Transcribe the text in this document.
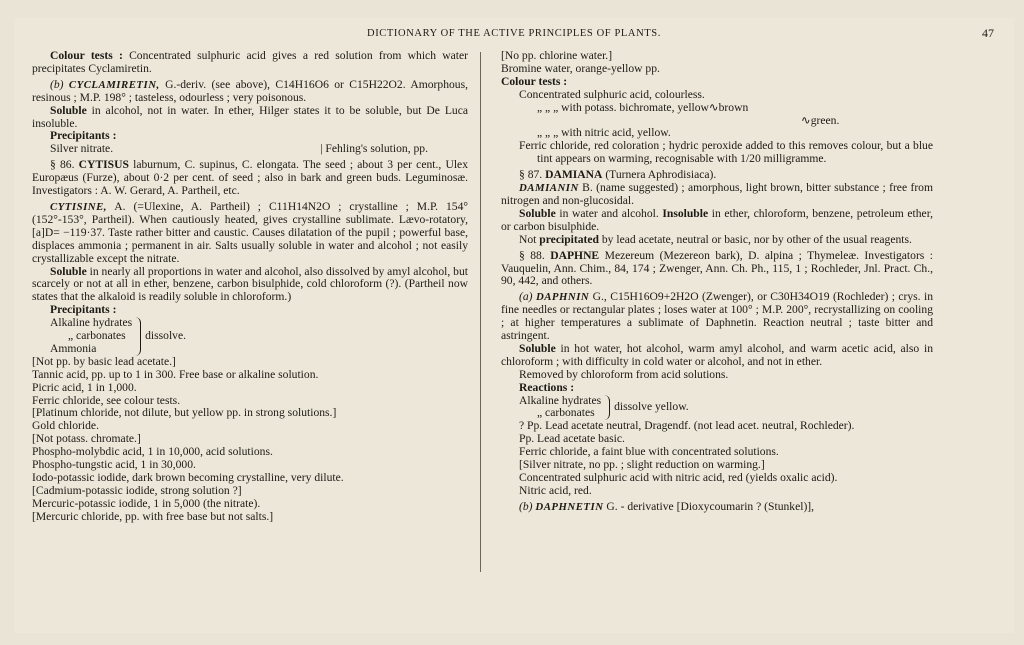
DICTIONARY OF THE ACTIVE PRINCIPLES OF PLANTS.	47

Colour tests : Concentrated sulphuric acid gives a red solution from which water precipitates Cyclamiretin.

(b) CYCLAMIRETIN, G.-deriv. (see above), C14H16O6 or C15H22O2. Amorphous, resinous ; M.P. 198° ; tasteless, odourless ; very poisonous.

Soluble in alcohol, not in water. In ether, Hilger states it to be soluble, but De Luca insoluble.

Precipitants :

Silver nitrate.	| Fehling's solution, pp.

§ 86. CYTISUS laburnum, C. supinus, C. elongata. The seed ; about 3 per cent., Ulex Europæus (Furze), about 0·2 per cent. of seed ; also in bark and green buds. Leguminosæ. Investigators : A. W. Gerard, A. Partheil, etc.

CYTISINE, A. (=Ulexine, A. Partheil) ; C11H14N2O ; crystalline ; M.P. 154° (152°-153°, Partheil). When cautiously heated, gives crystalline sublimate. Lævo-rotatory, [a]D= −119·37. Taste rather bitter and caustic. Causes dilatation of the pupil ; powerful base, displaces ammonia ; permanent in air. Salts usually soluble in water and alcohol ; not easily crystallizable except the nitrate.

Soluble in nearly all proportions in water and alcohol, also dissolved by amyl alcohol, but scarcely or not at all in ether, benzene, carbon bisulphide, cold chloroform (?). (Partheil now states that the alkaloid is readily soluble in chloroform.)

Precipitants :

Alkaline hydrates
„ carbonates
Ammonia
dissolve.

[Not pp. by basic lead acetate.]

Tannic acid, pp. up to 1 in 300. Free base or alkaline solution.

Picric acid, 1 in 1,000.

Ferric chloride, see colour tests.

[Platinum chloride, not dilute, but yellow pp. in strong solutions.]

Gold chloride.

[Not potass. chromate.]

Phospho-molybdic acid, 1 in 10,000, acid solutions.

Phospho-tungstic acid, 1 in 30,000.

Iodo-potassic iodide, dark brown becoming crystalline, very dilute.

[Cadmium-potassic iodide, strong solution ?]

Mercuric-potassic iodide, 1 in 5,000 (the nitrate).

[Mercuric chloride, pp. with free base but not salts.]

[No pp. chlorine water.]

Bromine water, orange-yellow pp.

Colour tests :

Concentrated sulphuric acid, colourless.

„ „ „ with potass. bichromate, yellow∿brown

∿green.

„ „ „ with nitric acid, yellow.

Ferric chloride, red coloration ; hydric peroxide added to this removes colour, but a blue tint appears on warming, recognisable with 1/20 milligramme.

§ 87. DAMIANA (Turnera Aphrodisiaca).

DAMIANIN B. (name suggested) ; amorphous, light brown, bitter substance ; free from nitrogen and non-glucosidal.

Soluble in water and alcohol. Insoluble in ether, chloroform, benzene, petroleum ether, or carbon bisulphide.

Not precipitated by lead acetate, neutral or basic, nor by other of the usual reagents.

§ 88. DAPHNE Mezereum (Mezereon bark), D. alpina ; Thymeleæ. Investigators : Vauquelin, Ann. Chim., 84, 174 ; Zwenger, Ann. Ch. Ph., 115, 1 ; Rochleder, Jnl. Pract. Ch., 90, 442, and others.

(a) DAPHNIN G., C15H16O9+2H2O (Zwenger), or C30H34O19 (Rochleder) ; crys. in fine needles or rectangular plates ; loses water at 100° ; M.P. 200°, recrystallizing on cooling ; at higher temperatures a sublimate of Daphnetin. Reaction neutral ; taste bitter and astringent.

Soluble in hot water, hot alcohol, warm amyl alcohol, and warm acetic acid, also in chloroform ; with difficulty in cold water or alcohol, and not in ether.

Removed by chloroform from acid solutions.

Reactions :

Alkaline hydrates
„ carbonates	dissolve yellow.

? Pp. Lead acetate neutral, Dragendf. (not lead acet. neutral, Rochleder).

Pp. Lead acetate basic.

Ferric chloride, a faint blue with concentrated solutions.

[Silver nitrate, no pp. ; slight reduction on warming.]

Concentrated sulphuric acid with nitric acid, red (yields oxalic acid).

Nitric acid, red.

(b) DAPHNETIN G. - derivative [Dioxycoumarin ? (Stunkel)],
